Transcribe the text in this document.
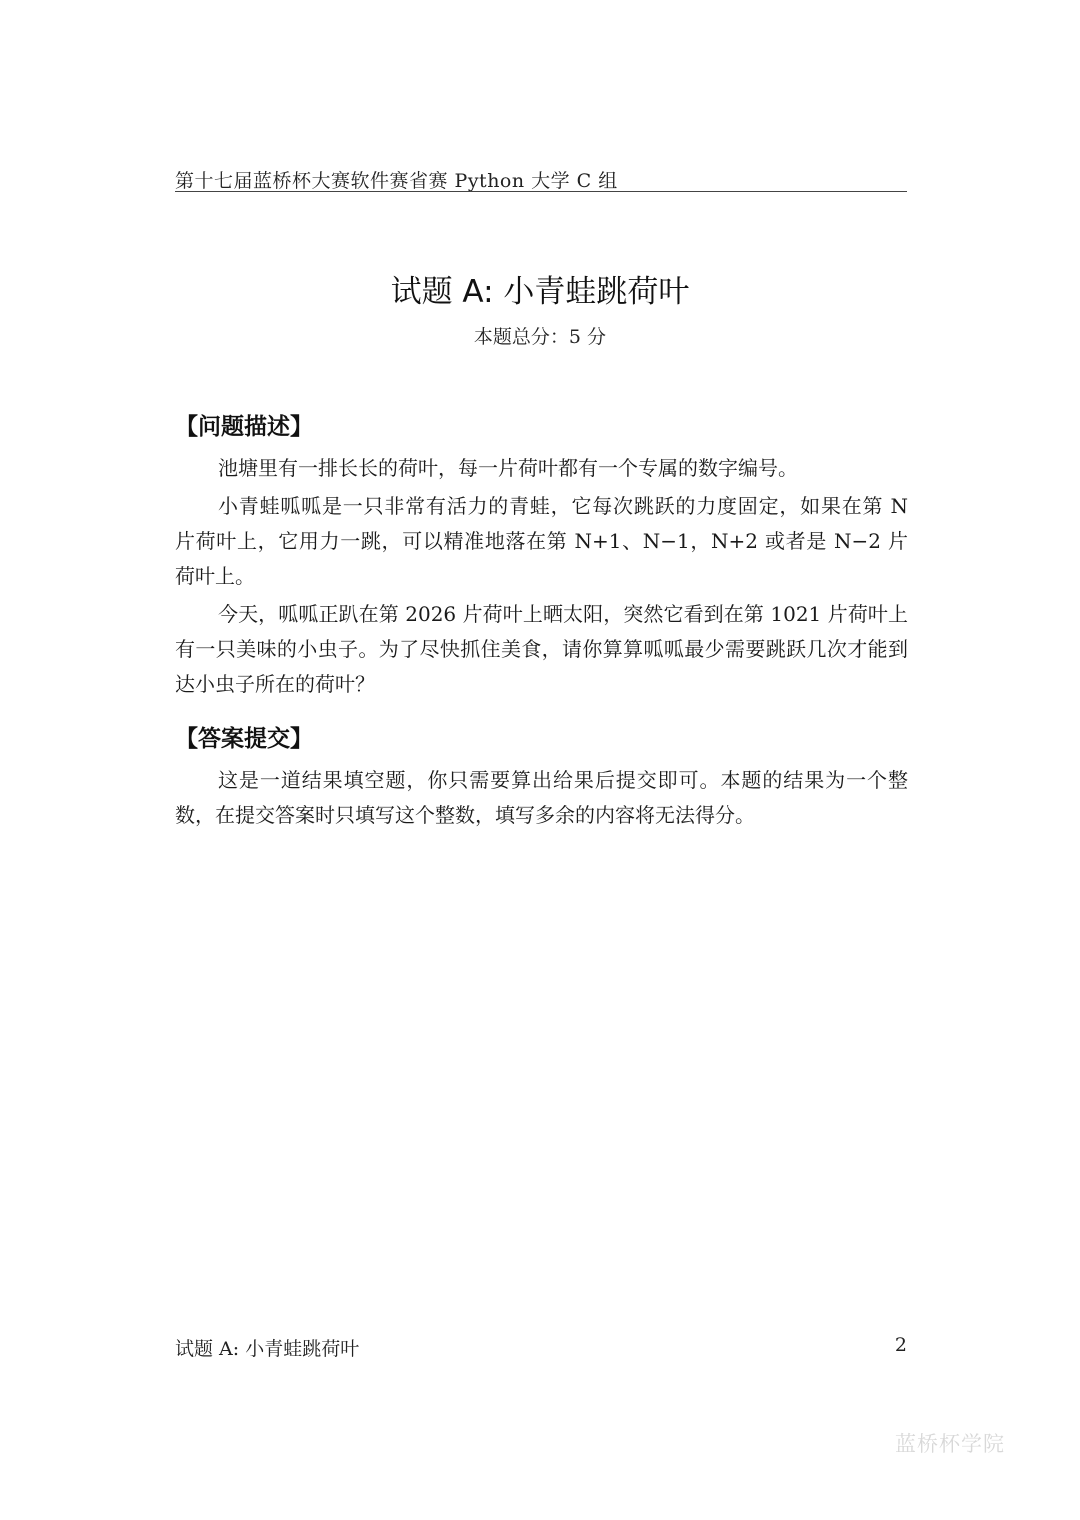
第十七届蓝桥杯大赛软件赛省赛 Python 大学 C 组
试题 A: 小青蛙跳荷叶
本题总分：5 分
【问题描述】

池塘里有一排长长的荷叶，每一片荷叶都有一个专属的数字编号。

小青蛙呱呱是一只非常有活力的青蛙，它每次跳跃的力度固定，如果在第 N 片荷叶上，它用力一跳，可以精准地落在第 N+1、N−1，N+2 或者是 N−2 片荷叶上。

今天，呱呱正趴在第 2026 片荷叶上晒太阳，突然它看到在第 1021 片荷叶上有一只美味的小虫子。为了尽快抓住美食，请你算算呱呱最少需要跳跃几次才能到达小虫子所在的荷叶？

【答案提交】

这是一道结果填空题，你只需要算出给果后提交即可。本题的结果为一个整数，在提交答案时只填写这个整数，填写多余的内容将无法得分。

试题 A: 小青蛙跳荷叶	2
蓝桥杯学院
